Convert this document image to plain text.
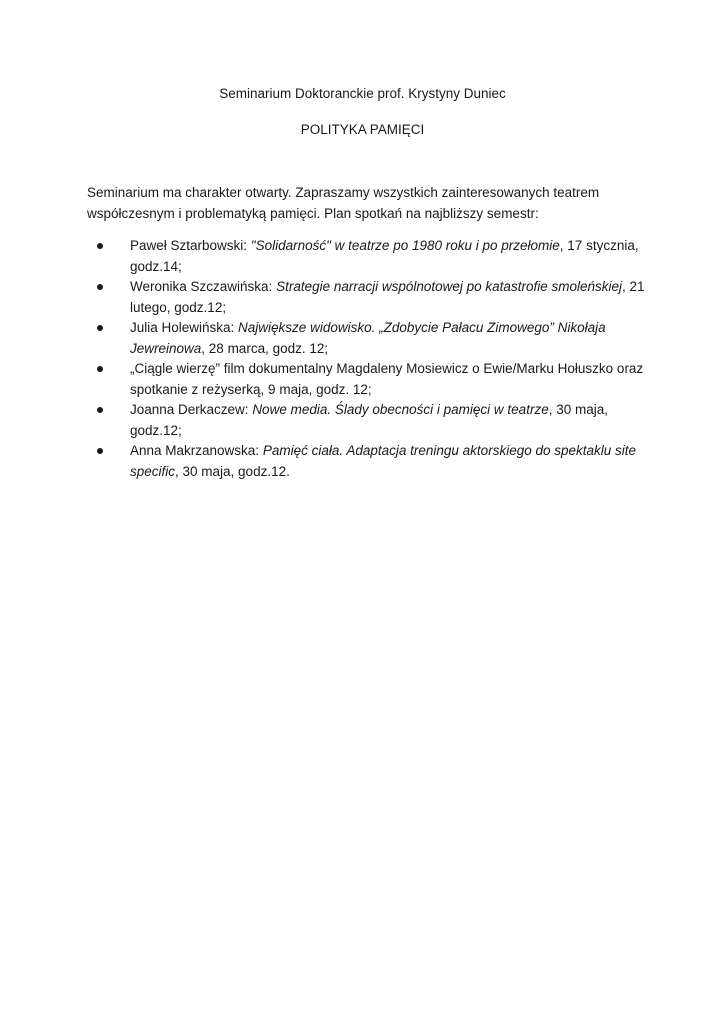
Seminarium Doktoranckie prof. Krystyny Duniec
POLITYKA PAMIĘCI

Seminarium ma charakter otwarty. Zapraszamy wszystkich zainteresowanych teatrem współczesnym i problematyką pamięci. Plan spotkań na najbliższy semestr:

Paweł Sztarbowski: "Solidarność" w teatrze po 1980 roku i po przełomie, 17 stycznia, godz.14;
Weronika Szczawińska: Strategie narracji wspólnotowej po katastrofie smoleńskiej, 21 lutego, godz.12;
Julia Holewińska: Największe widowisko. „Zdobycie Pałacu Zimowego” Nikołaja Jewreinowa, 28 marca, godz. 12;
„Ciągle wierzę” film dokumentalny Magdaleny Mosiewicz o Ewie/Marku Hołuszko oraz spotkanie z reżyserką, 9 maja, godz. 12;
Joanna Derkaczew: Nowe media. Ślady obecności i pamięci w teatrze, 30 maja, godz.12;
Anna Makrzanowska: Pamięć ciała. Adaptacja treningu aktorskiego do spektaklu site specific, 30 maja, godz.12.
